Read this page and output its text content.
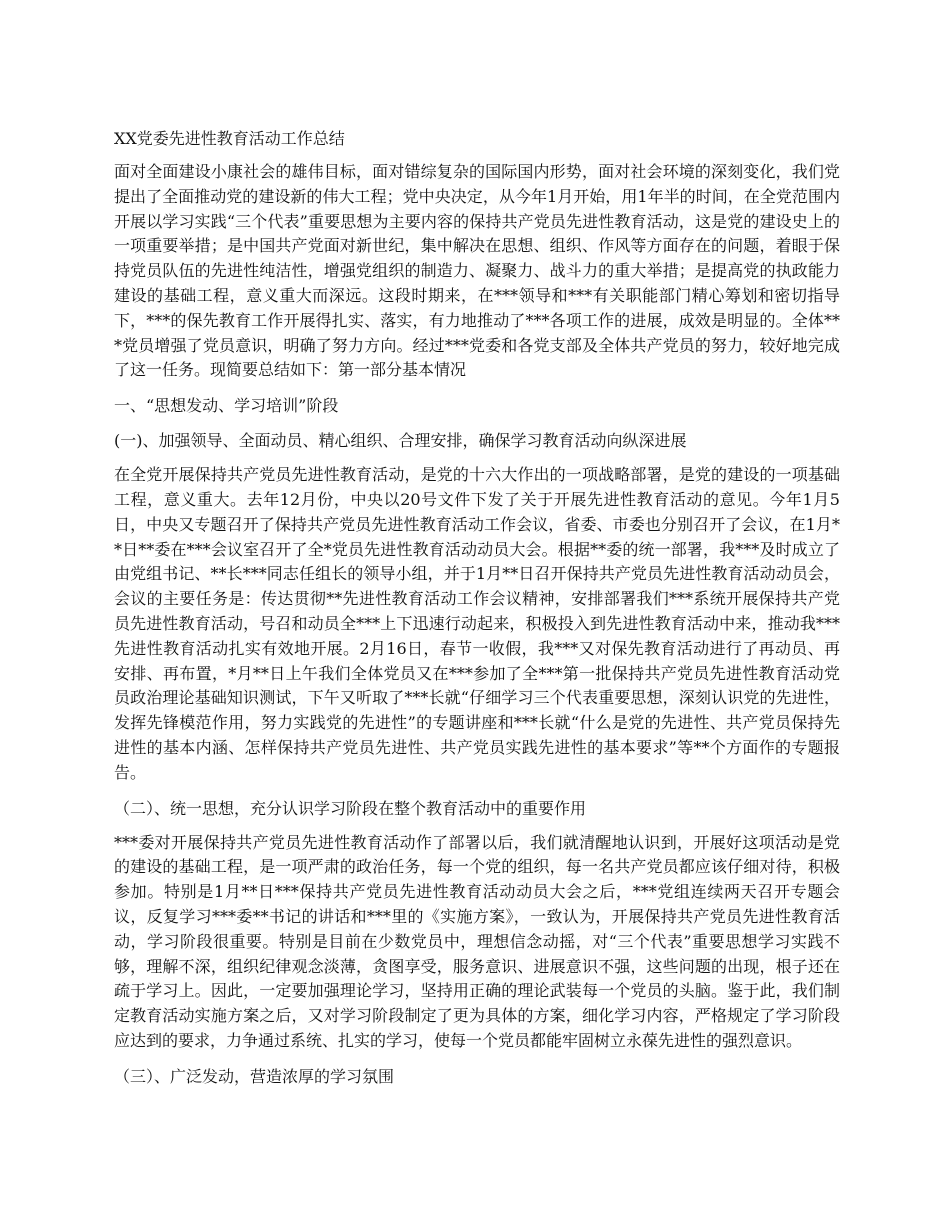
XX党委先进性教育活动工作总结

面对全面建设小康社会的雄伟目标，面对错综复杂的国际国内形势，面对社会环境的深刻变化，我们党提出了全面推动党的建设新的伟大工程；党中央决定，从今年1月开始，用1年半的时间，在全党范围内开展以学习实践“三个代表”重要思想为主要内容的保持共产党员先进性教育活动，这是党的建设史上的一项重要举措；是中国共产党面对新世纪，集中解决在思想、组织、作风等方面存在的问题，着眼于保持党员队伍的先进性纯洁性，增强党组织的制造力、凝聚力、战斗力的重大举措；是提高党的执政能力建设的基础工程，意义重大而深远。这段时期来，在***领导和***有关职能部门精心筹划和密切指导下，***的保先教育工作开展得扎实、落实，有力地推动了***各项工作的进展，成效是明显的。全体***党员增强了党员意识，明确了努力方向。经过***党委和各党支部及全体共产党员的努力，较好地完成了这一任务。现简要总结如下：第一部分基本情况

一、“思想发动、学习培训”阶段

(一)、加强领导、全面动员、精心组织、合理安排，确保学习教育活动向纵深进展

在全党开展保持共产党员先进性教育活动，是党的十六大作出的一项战略部署，是党的建设的一项基础工程，意义重大。去年12月份，中央以20号文件下发了关于开展先进性教育活动的意见。今年1月5日，中央又专题召开了保持共产党员先进性教育活动工作会议，省委、市委也分别召开了会议，在1月**日**委在***会议室召开了全*党员先进性教育活动动员大会。根据**委的统一部署，我***及时成立了由党组书记、**长***同志任组长的领导小组，并于1月**日召开保持共产党员先进性教育活动动员会，会议的主要任务是：传达贯彻**先进性教育活动工作会议精神，安排部署我们***系统开展保持共产党员先进性教育活动，号召和动员全***上下迅速行动起来，积极投入到先进性教育活动中来，推动我***先进性教育活动扎实有效地开展。2月16日，春节一收假，我***又对保先教育活动进行了再动员、再安排、再布置，*月**日上午我们全体党员又在***参加了全***第一批保持共产党员先进性教育活动党员政治理论基础知识测试，下午又听取了***长就“仔细学习三个代表重要思想，深刻认识党的先进性，发挥先锋模范作用，努力实践党的先进性”的专题讲座和***长就“什么是党的先进性、共产党员保持先进性的基本内涵、怎样保持共产党员先进性、共产党员实践先进性的基本要求”等**个方面作的专题报告。

（二）、统一思想，充分认识学习阶段在整个教育活动中的重要作用

***委对开展保持共产党员先进性教育活动作了部署以后，我们就清醒地认识到，开展好这项活动是党的建设的基础工程，是一项严肃的政治任务，每一个党的组织，每一名共产党员都应该仔细对待，积极参加。特别是1月**日***保持共产党员先进性教育活动动员大会之后，***党组连续两天召开专题会议，反复学习***委**书记的讲话和***里的《实施方案》，一致认为，开展保持共产党员先进性教育活动，学习阶段很重要。特别是目前在少数党员中，理想信念动摇，对“三个代表”重要思想学习实践不够，理解不深，组织纪律观念淡薄，贪图享受，服务意识、进展意识不强，这些问题的出现，根子还在疏于学习上。因此，一定要加强理论学习，坚持用正确的理论武装每一个党员的头脑。鉴于此，我们制定教育活动实施方案之后，又对学习阶段制定了更为具体的方案，细化学习内容，严格规定了学习阶段应达到的要求，力争通过系统、扎实的学习，使每一个党员都能牢固树立永葆先进性的强烈意识。

（三）、广泛发动，营造浓厚的学习氛围
